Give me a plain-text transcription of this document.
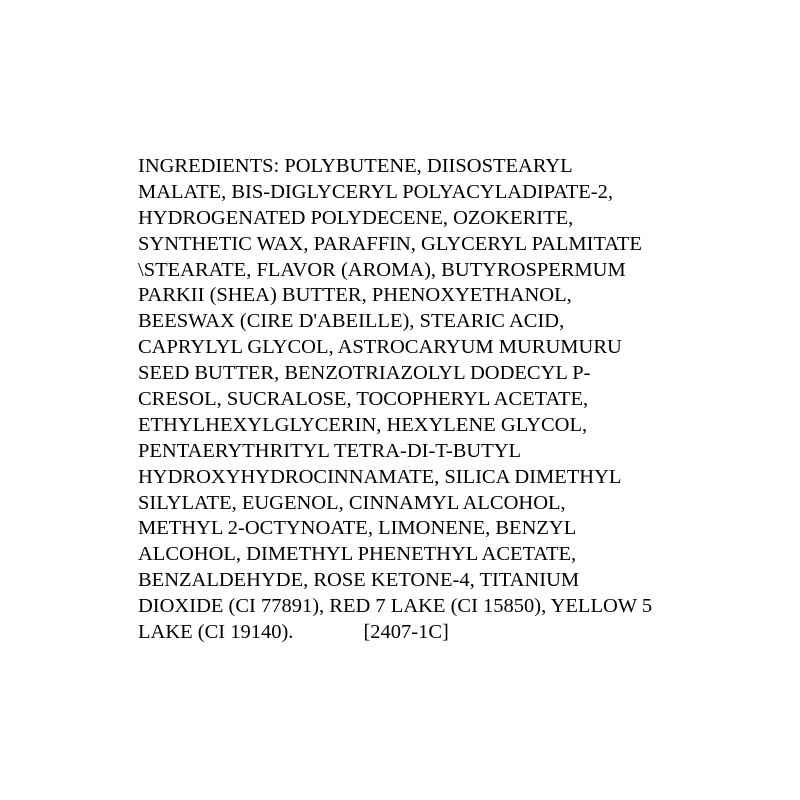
INGREDIENTS: POLYBUTENE, DIISOSTEARYL
MALATE, BIS-DIGLYCERYL POLYACYLADIPATE-2,
HYDROGENATED POLYDECENE, OZOKERITE,
SYNTHETIC WAX, PARAFFIN, GLYCERYL PALMITATE
\STEARATE, FLAVOR (AROMA), BUTYROSPERMUM
PARKII (SHEA) BUTTER, PHENOXYETHANOL,
BEESWAX (CIRE D'ABEILLE), STEARIC ACID,
CAPRYLYL GLYCOL, ASTROCARYUM MURUMURU
SEED BUTTER, BENZOTRIAZOLYL DODECYL P-
CRESOL, SUCRALOSE, TOCOPHERYL ACETATE,
ETHYLHEXYLGLYCERIN, HEXYLENE GLYCOL,
PENTAERYTHRITYL TETRA-DI-T-BUTYL
HYDROXYHYDROCINNAMATE, SILICA DIMETHYL
SILYLATE, EUGENOL, CINNAMYL ALCOHOL,
METHYL 2-OCTYNOATE, LIMONENE, BENZYL
ALCOHOL, DIMETHYL PHENETHYL ACETATE,
BENZALDEHYDE, ROSE KETONE-4, TITANIUM
DIOXIDE (CI 77891), RED 7 LAKE (CI 15850), YELLOW 5
LAKE (CI 19140).	[2407-1C]
